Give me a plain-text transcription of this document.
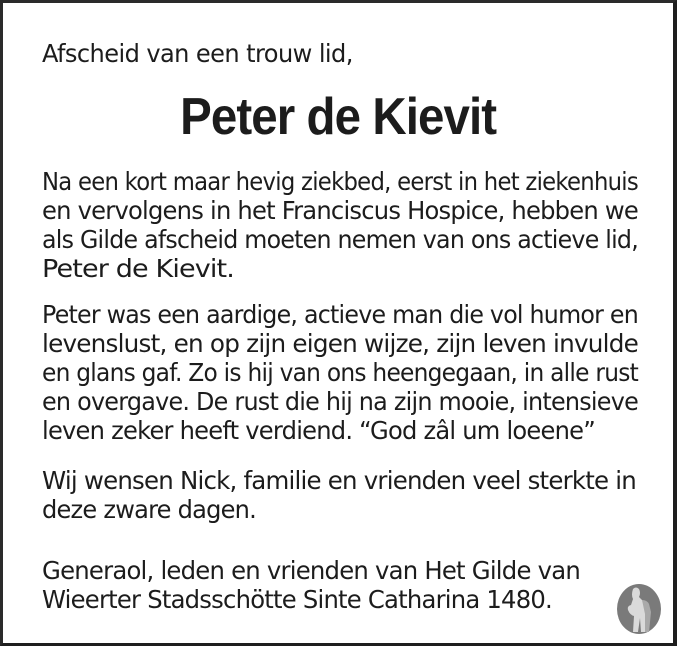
Afscheid van een trouw lid,

Peter de Kievit
Na een kort maar hevig ziekbed, eerst in het ziekenhuis
en vervolgens in het Franciscus Hospice, hebben we
als Gilde afscheid moeten nemen van ons actieve lid,
Peter de Kievit.
Peter was een aardige, actieve man die vol humor en
levenslust, en op zijn eigen wijze, zijn leven invulde
en glans gaf. Zo is hij van ons heengegaan, in alle rust
en overgave. De rust die hij na zijn mooie, intensieve
leven zeker heeft verdiend. “God zâl um loeene”
Wij wensen Nick, familie en vrienden veel sterkte in
deze zware dagen.
Generaol, leden en vrienden van Het Gilde van
Wieerter Stadsschötte Sinte Catharina 1480.
